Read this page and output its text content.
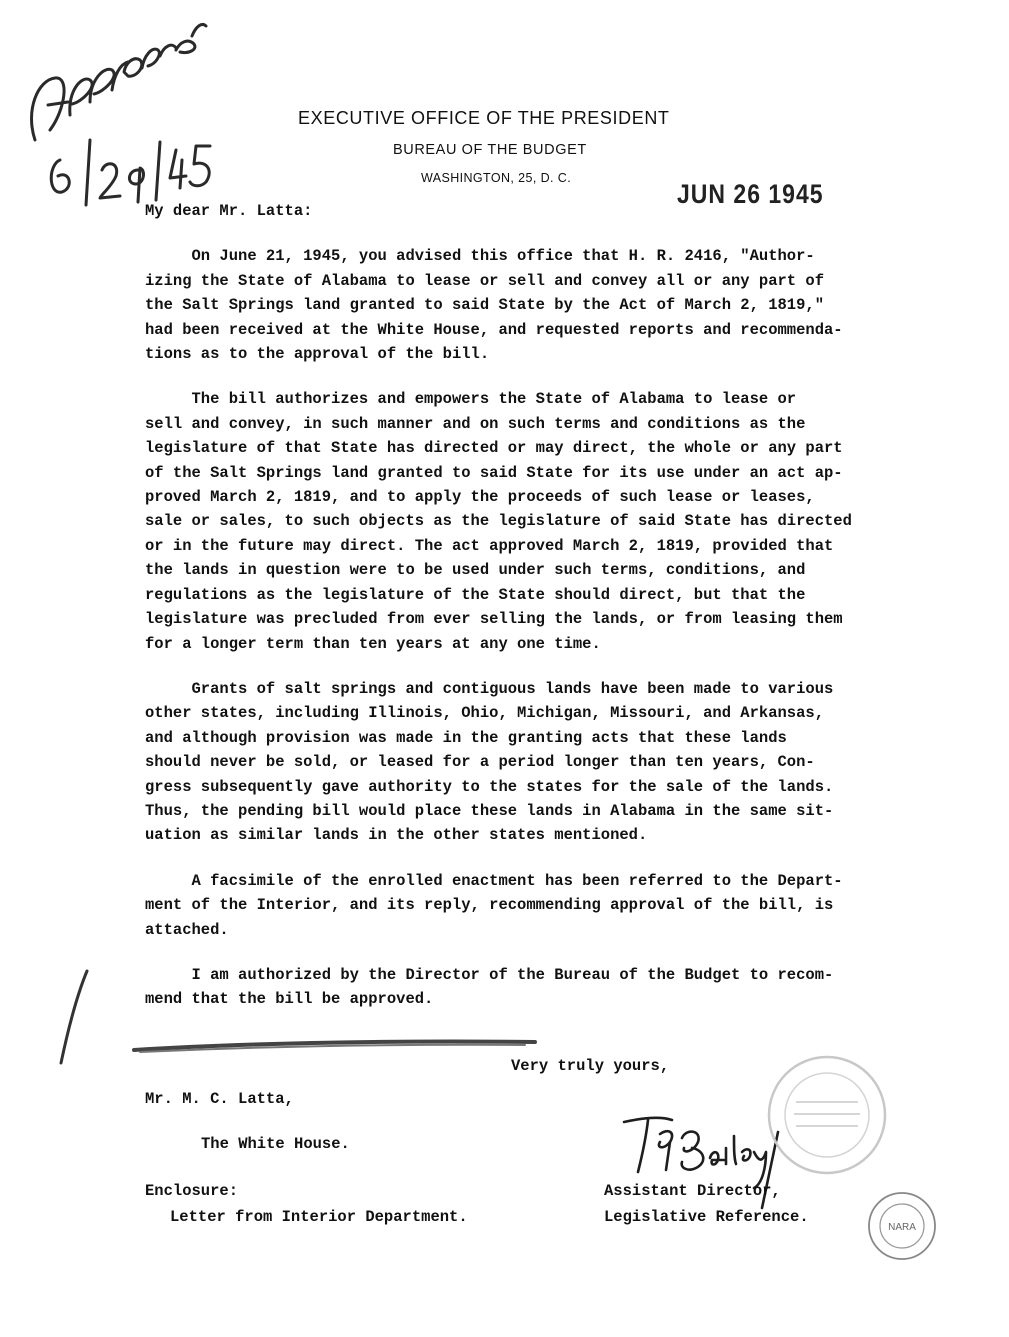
EXECUTIVE OFFICE OF THE PRESIDENT
BUREAU OF THE BUDGET
WASHINGTON, 25, D. C.
JUN 26 1945
My dear Mr. Latta:
On June 21, 1945, you advised this office that H. R. 2416, "Author-
izing the State of Alabama to lease or sell and convey all or any part of
the Salt Springs land granted to said State by the Act of March 2, 1819,"
had been received at the White House, and requested reports and recommenda-
tions as to the approval of the bill.
The bill authorizes and empowers the State of Alabama to lease or
sell and convey, in such manner and on such terms and conditions as the
legislature of that State has directed or may direct, the whole or any part
of the Salt Springs land granted to said State for its use under an act ap-
proved March 2, 1819, and to apply the proceeds of such lease or leases,
sale or sales, to such objects as the legislature of said State has directed
or in the future may direct. The act approved March 2, 1819, provided that
the lands in question were to be used under such terms, conditions, and
regulations as the legislature of the State should direct, but that the
legislature was precluded from ever selling the lands, or from leasing them
for a longer term than ten years at any one time.
Grants of salt springs and contiguous lands have been made to various
other states, including Illinois, Ohio, Michigan, Missouri, and Arkansas,
and although provision was made in the granting acts that these lands
should never be sold, or leased for a period longer than ten years, Con-
gress subsequently gave authority to the states for the sale of the lands.
Thus, the pending bill would place these lands in Alabama in the same sit-
uation as similar lands in the other states mentioned.
A facsimile of the enrolled enactment has been referred to the Depart-
ment of the Interior, and its reply, recommending approval of the bill, is
attached.
I am authorized by the Director of the Bureau of the Budget to recom-
mend that the bill be approved.
Very truly yours,
Mr. M. C. Latta,
The White House.
Enclosure:
Letter from Interior Department.
Assistant Director,
Legislative Reference.
NARA
